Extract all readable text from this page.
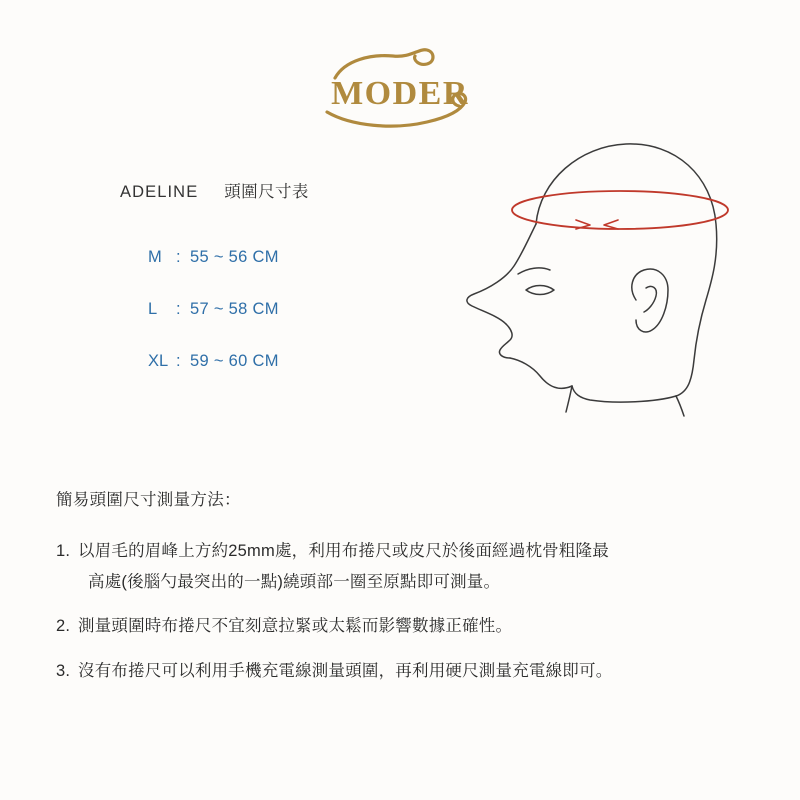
MODER
ADELINE 頭圍尺寸表
M : 55 ~ 56 CM
L	: 57 ~ 58 CM
XL : 59 ~ 60 CM
簡易頭圍尺寸測量方法：
1. 以眉毛的眉峰上方約25mm處，利用布捲尺或皮尺於後面經過枕骨粗隆最
高處(後腦勺最突出的一點)繞頭部一圈至原點即可測量。
2. 測量頭圍時布捲尺不宜刻意拉緊或太鬆而影響數據正確性。
3. 沒有布捲尺可以利用手機充電線測量頭圍，再利用硬尺測量充電線即可。
